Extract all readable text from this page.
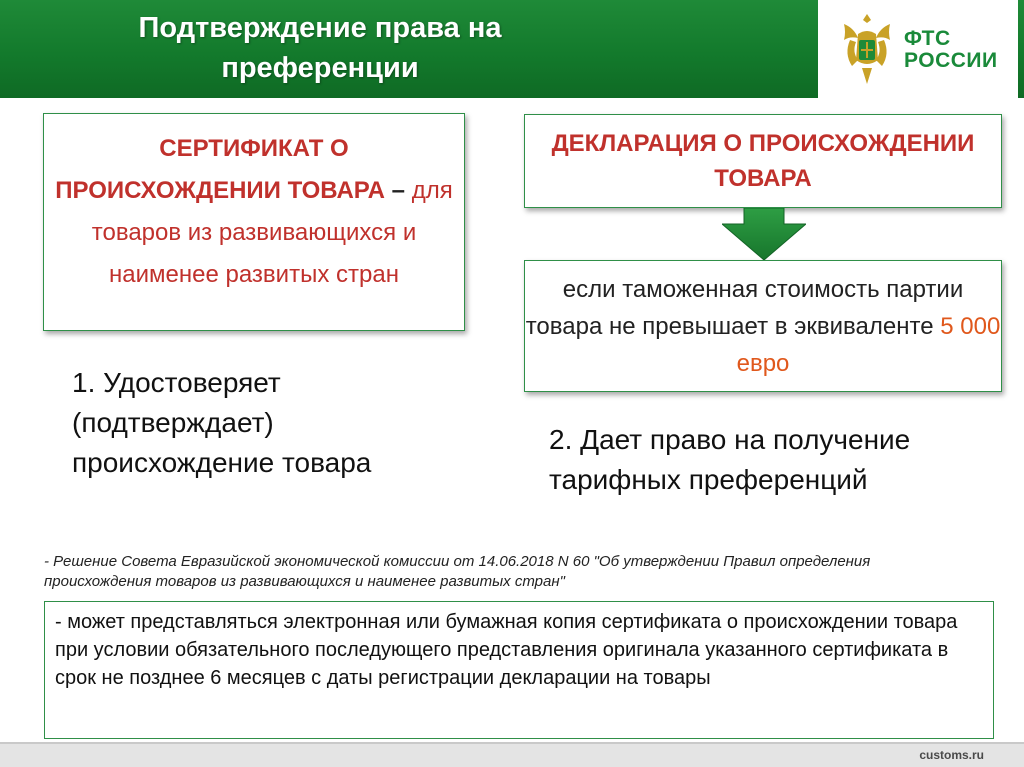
Подтверждение права на преференции
ФТС
РОССИИ
СЕРТИФИКАТ О ПРОИСХОЖДЕНИИ ТОВАРА – для товаров из развивающихся и наименее развитых стран
ДЕКЛАРАЦИЯ О ПРОИСХОЖДЕНИИ ТОВАРА
если таможенная стоимость партии товара не превышает в эквиваленте 5 000 евро
1. Удостоверяет (подтверждает) происхождение товара
2. Дает право на получение тарифных преференций
- Решение Совета Евразийской экономической комиссии от 14.06.2018 N 60 "Об утверждении Правил определения происхождения товаров из развивающихся и наименее развитых стран"
- может представляться электронная или бумажная копия сертификата о происхождении товара при условии обязательного последующего представления оригинала указанного сертификата в срок не позднее 6 месяцев с даты регистрации декларации на товары
customs.ru
